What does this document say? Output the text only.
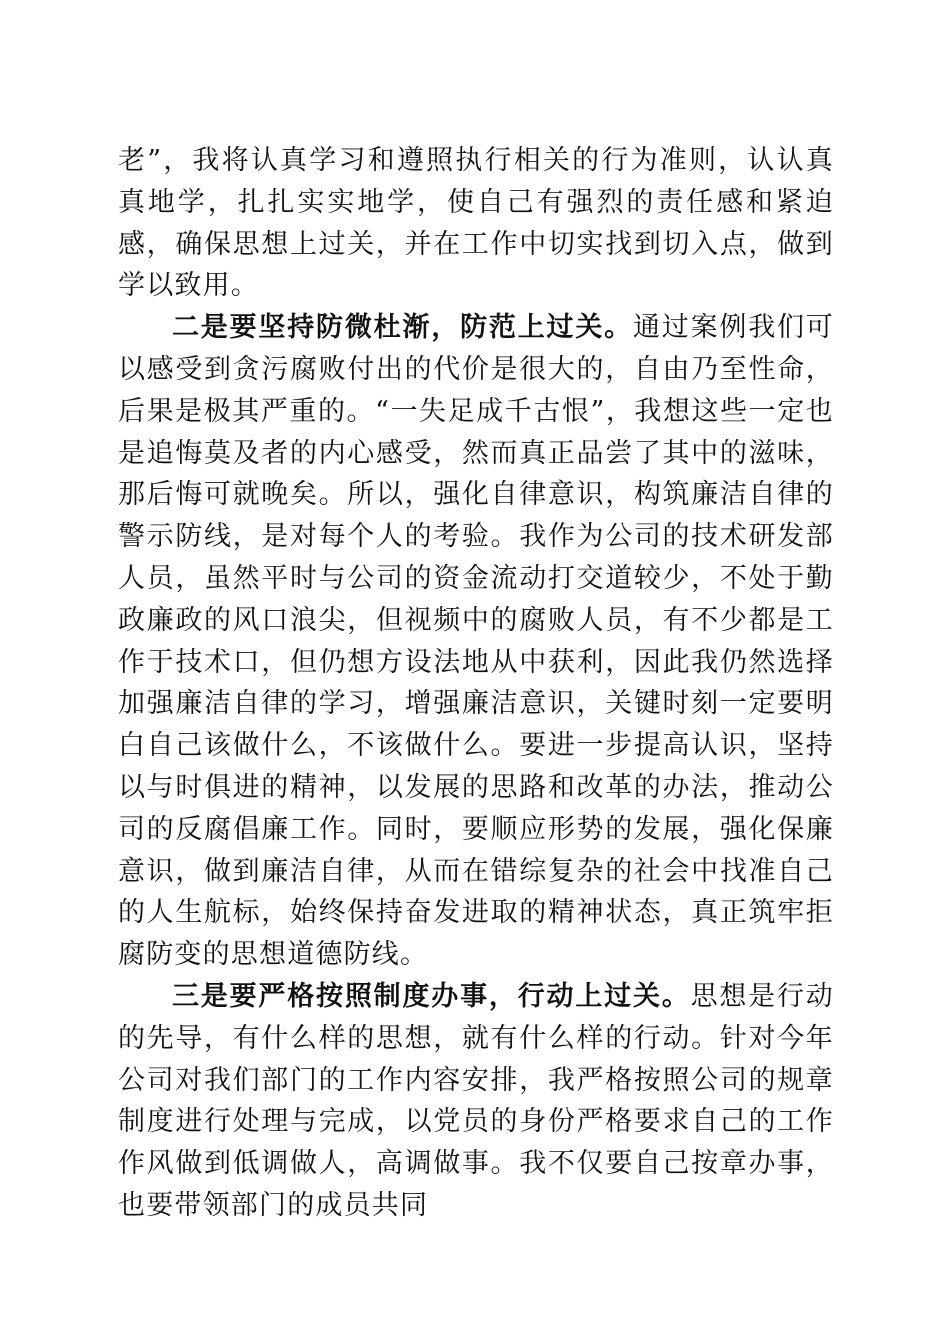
老”，我将认真学习和遵照执行相关的行为准则，认认真真地学，扎扎实实地学，使自己有强烈的责任感和紧迫感，确保思想上过关，并在工作中切实找到切入点，做到学以致用。

二是要坚持防微杜渐，防范上过关。通过案例我们可以感受到贪污腐败付出的代价是很大的，自由乃至性命，后果是极其严重的。“一失足成千古恨”，我想这些一定也是追悔莫及者的内心感受，然而真正品尝了其中的滋味，那后悔可就晚矣。所以，强化自律意识，构筑廉洁自律的警示防线，是对每个人的考验。我作为公司的技术研发部人员，虽然平时与公司的资金流动打交道较少，不处于勤政廉政的风口浪尖，但视频中的腐败人员，有不少都是工作于技术口，但仍想方设法地从中获利，因此我仍然选择加强廉洁自律的学习，增强廉洁意识，关键时刻一定要明白自己该做什么，不该做什么。要进一步提高认识，坚持以与时俱进的精神，以发展的思路和改革的办法，推动公司的反腐倡廉工作。同时，要顺应形势的发展，强化保廉意识，做到廉洁自律，从而在错综复杂的社会中找准自己的人生航标，始终保持奋发进取的精神状态，真正筑牢拒腐防变的思想道德防线。

三是要严格按照制度办事，行动上过关。思想是行动的先导，有什么样的思想，就有什么样的行动。针对今年公司对我们部门的工作内容安排，我严格按照公司的规章制度进行处理与完成，以党员的身份严格要求自己的工作作风做到低调做人，高调做事。我不仅要自己按章办事，也要带领部门的成员共同
